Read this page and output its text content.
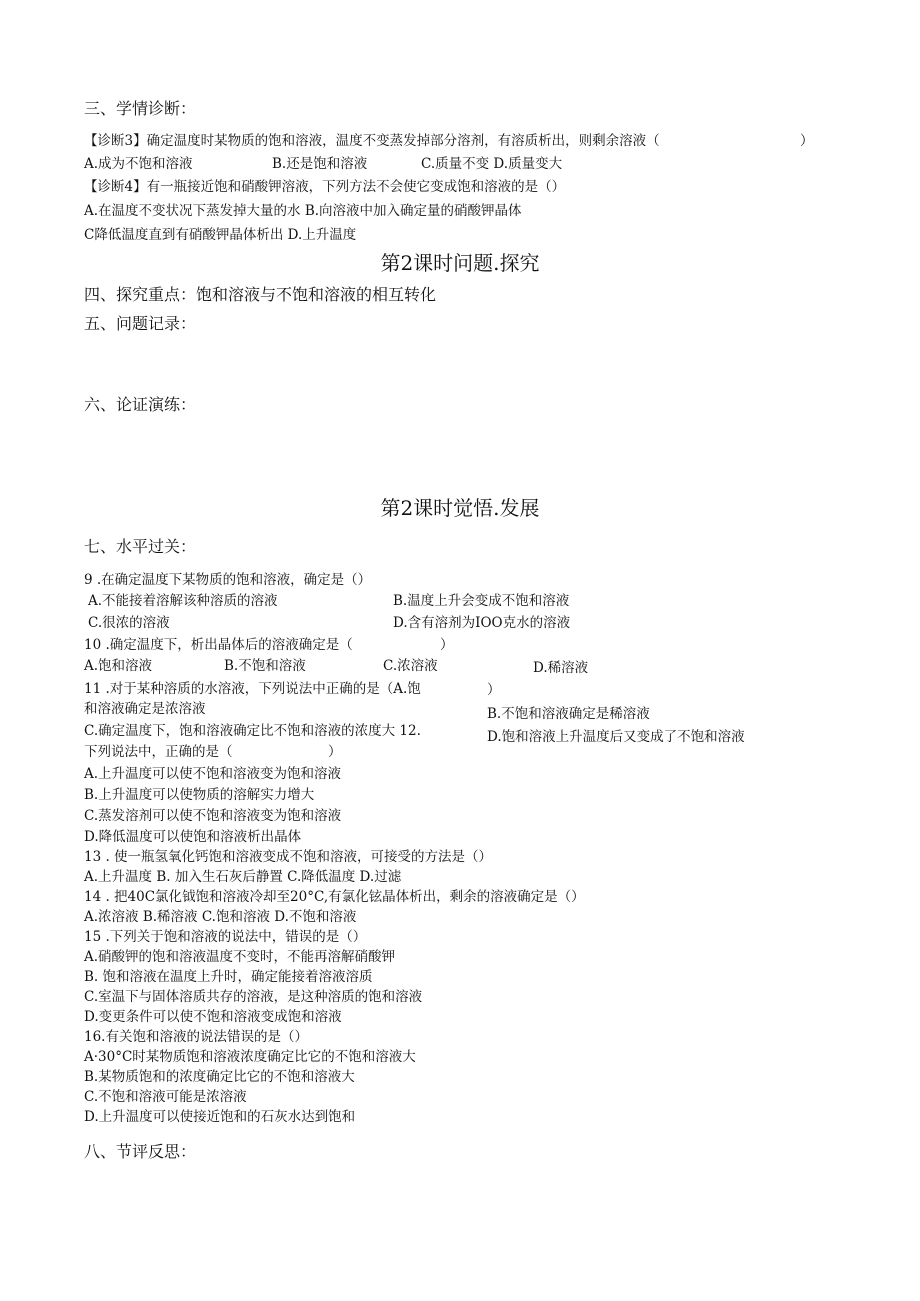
三、学情诊断：
【诊断3】确定温度时某物质的饱和溶液，温度不变蒸发掉部分溶剂，有溶质析出，则剩余溶液（	）
A.成为不饱和溶液	B.还是饱和溶液	C.质量不变 D.质量变大
【诊断4】有一瓶接近饱和硝酸钾溶液，下列方法不会使它变成饱和溶液的是（）
A.在温度不变状况下蒸发掉大量的水 B.向溶液中加入确定量的硝酸钾晶体
C降低温度直到有硝酸钾晶体析出 D.上升温度
第2课时问题.探究
四、探究重点：饱和溶液与不饱和溶液的相互转化
五、问题记录：
六、论证演练：
第2课时觉悟.发展
七、水平过关：
9 .在确定温度下某物质的饱和溶液，确定是（）
A.不能接着溶解该种溶质的溶液	B.温度上升会变成不饱和溶液
C.很浓的溶液	D.含有溶剂为IOO克水的溶液
10 .确定温度下，析出晶体后的溶液确定是（	）
A.饱和溶液	B.不饱和溶液	C.浓溶液	D.稀溶液
11 .对于某种溶质的水溶液，下列说法中正确的是（A.饱	）
和溶液确定是浓溶液	B.不饱和溶液确定是稀溶液
C.确定温度下，饱和溶液确定比不饱和溶液的浓度大 12.	D.饱和溶液上升温度后又变成了不饱和溶液
下列说法中，正确的是（	）
A.上升温度可以使不饱和溶液变为饱和溶液
B.上升温度可以使物质的溶解实力增大
C.蒸发溶剂可以使不饱和溶液变为饱和溶液
D.降低温度可以使饱和溶液析出晶体
13 . 使一瓶氢氧化钙饱和溶液变成不饱和溶液，可接受的方法是（）
A.上升温度 B. 加入生石灰后静置 C.降低温度 D.过滤
14 . 把40C氯化钺饱和溶液冷却至20°C,有氯化铉晶体析出，剩余的溶液确定是（）
A.浓溶液 B.稀溶液 C.饱和溶液 D.不饱和溶液
15 .下列关于饱和溶液的说法中，错误的是（）
A.硝酸钾的饱和溶液温度不变时，不能再溶解硝酸钾
B. 饱和溶液在温度上升时，确定能接着溶液溶质
C.室温下与固体溶质共存的溶液，是这种溶质的饱和溶液
D.变更条件可以使不饱和溶液变成饱和溶液
16.有关饱和溶液的说法错误的是（）
A·30°C时某物质饱和溶液浓度确定比它的不饱和溶液大
B.某物质饱和的浓度确定比它的不饱和溶液大
C.不饱和溶液可能是浓溶液
D.上升温度可以使接近饱和的石灰水达到饱和
八、节评反思：
